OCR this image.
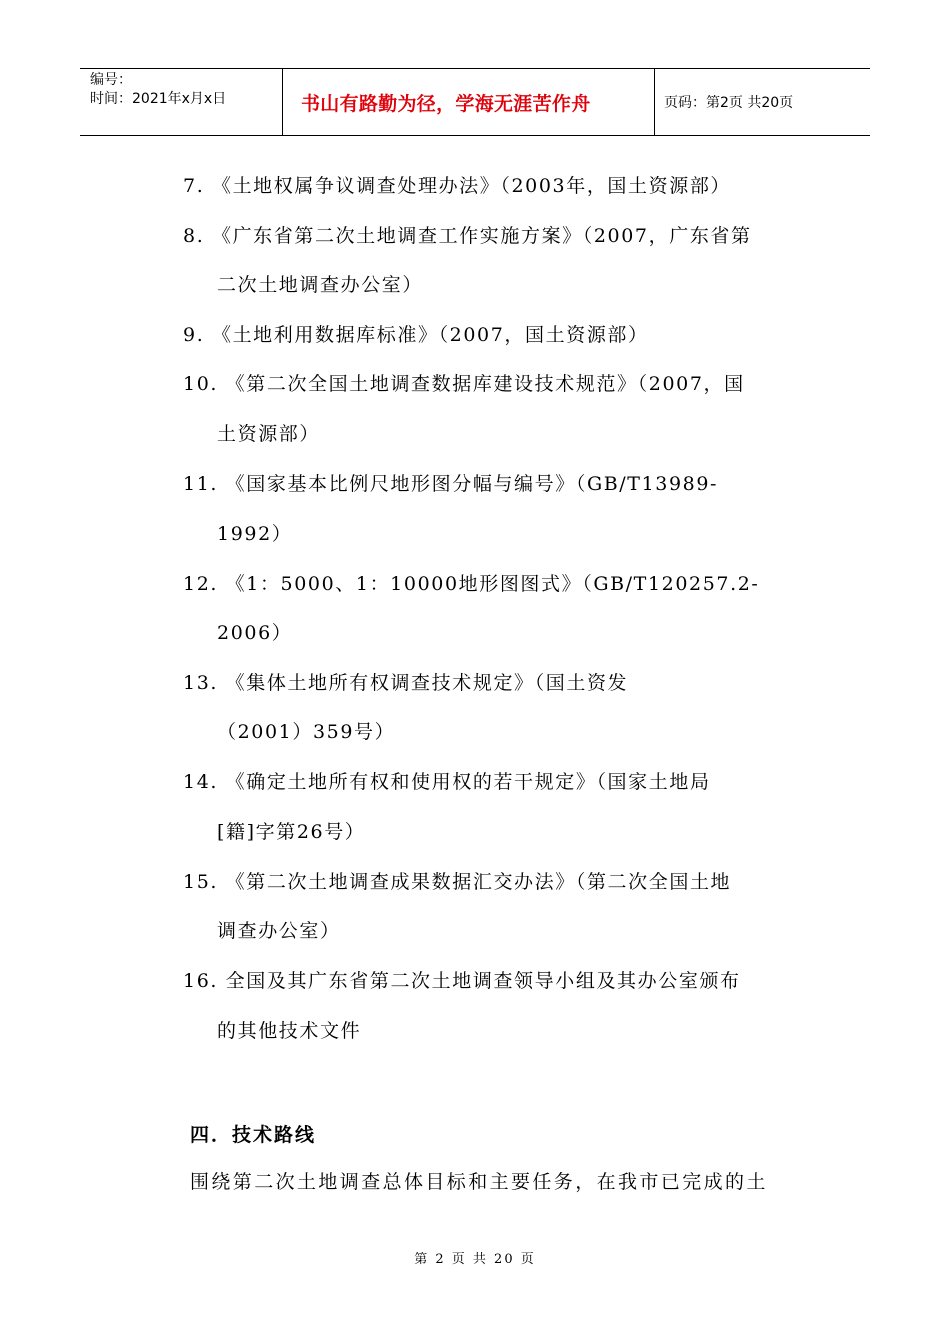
编号：
时间：2021年x月x日	书山有路勤为径，学海无涯苦作舟	页码：第2页 共20页
7. 《土地权属争议调查处理办法》（2003年，国土资源部）
8. 《广东省第二次土地调查工作实施方案》（2007，广东省第
二次土地调查办公室）
9. 《土地利用数据库标准》（2007，国土资源部）
10. 《第二次全国土地调查数据库建设技术规范》（2007，国
土资源部）
11. 《国家基本比例尺地形图分幅与编号》（GB/T13989-
1992）
12. 《1：5000、1：10000地形图图式》（GB/T120257.2-
2006）
13. 《集体土地所有权调查技术规定》（国土资发
（2001）359号）
14. 《确定土地所有权和使用权的若干规定》（国家土地局
[籍]字第26号）
15. 《第二次土地调查成果数据汇交办法》（第二次全国土地
调查办公室）
16. 全国及其广东省第二次土地调查领导小组及其办公室颁布
的其他技术文件
四．技术路线
围绕第二次土地调查总体目标和主要任务，在我市已完成的土
第 2 页 共 20 页
